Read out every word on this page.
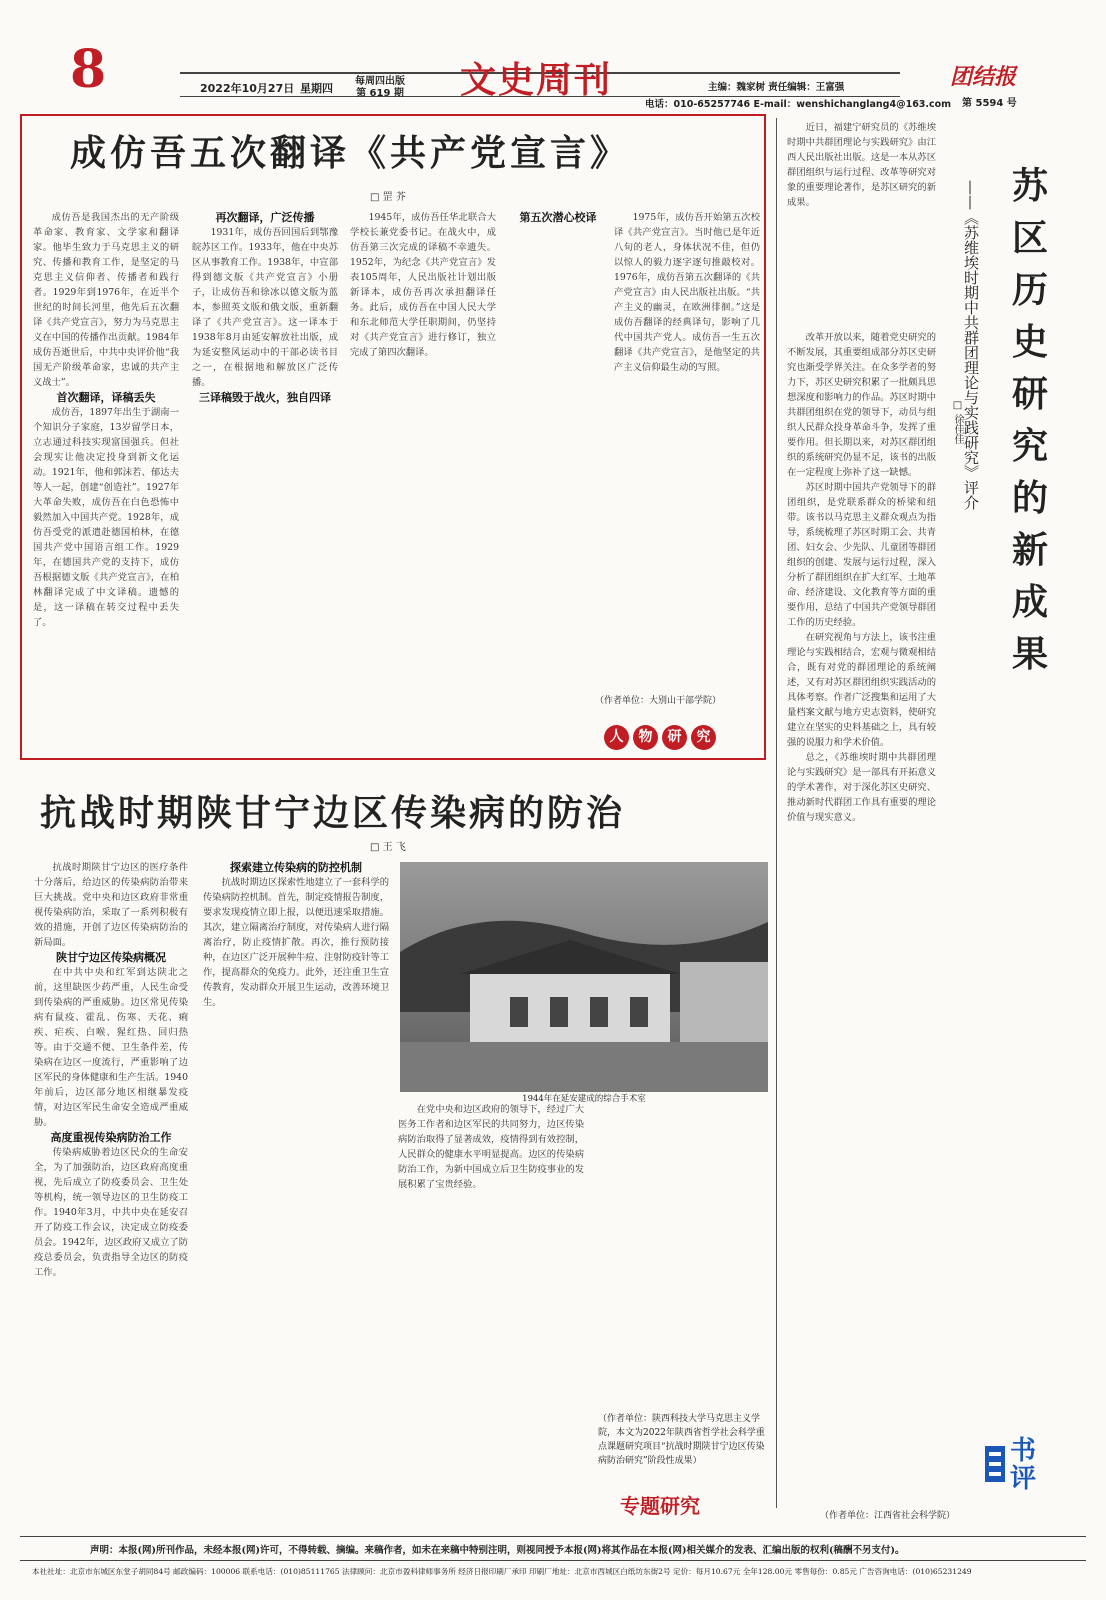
8	2022年10月27日 星期四
每周四出版
第 619 期 文史周刊	主编：魏家树 责任编辑：王富强
电话：010-65257746 E-mail：wenshichanglang4@163.com
团结报
第 5594 号
成仿吾五次翻译《共产党宣言》
□ 罡 芥

成仿吾是我国杰出的无产阶级革命家、教育家、文学家和翻译家。他毕生致力于马克思主义的研究、传播和教育工作，是坚定的马克思主义信仰者、传播者和践行者。1929年到1976年，在近半个世纪的时间长河里，他先后五次翻译《共产党宣言》，努力为马克思主义在中国的传播作出贡献。1984年成仿吾逝世后，中共中央评价他“我国无产阶级革命家，忠诚的共产主义战士”。

首次翻译，译稿丢失

成仿吾，1897年出生于湖南一个知识分子家庭，13岁留学日本，立志通过科技实现富国强兵。但社会现实让他决定投身到新文化运动。1921年，他和郭沫若、郁达夫等人一起，创建“创造社”。1927年大革命失败，成仿吾在白色恐怖中毅然加入中国共产党。1928年，成仿吾受党的派遣赴德国柏林，在德国共产党中国语言组工作。1929年，在德国共产党的支持下，成仿吾根据德文版《共产党宣言》，在柏林翻译完成了中文译稿。遗憾的是，这一译稿在转交过程中丢失了。

再次翻译，广泛传播

1931年，成仿吾回国后到鄂豫皖苏区工作。1933年，他在中央苏区从事教育工作。1938年，中宣部得到德文版《共产党宣言》小册子，让成仿吾和徐冰以德文版为蓝本，参照英文版和俄文版，重新翻译了《共产党宣言》。这一译本于1938年8月由延安解放社出版，成为延安整风运动中的干部必读书目之一，在根据地和解放区广泛传播。

三译稿毁于战火，独自四译

1945年，成仿吾任华北联合大学校长兼党委书记。在战火中，成仿吾第三次完成的译稿不幸遗失。1952年，为纪念《共产党宣言》发表105周年，人民出版社计划出版新译本，成仿吾再次承担翻译任务。此后，成仿吾在中国人民大学和东北师范大学任职期间，仍坚持对《共产党宣言》进行修订，独立完成了第四次翻译。

第五次潜心校译	1975年，成仿吾开始第五次校译《共产党宣言》。当时他已是年近八旬的老人，身体状况不佳，但仍以惊人的毅力逐字逐句推敲校对。1976年，成仿吾第五次翻译的《共产党宣言》由人民出版社出版。“共产主义的幽灵，在欧洲徘徊。”这是成仿吾翻译的经典译句，影响了几代中国共产党人。成仿吾一生五次翻译《共产党宣言》，是他坚定的共产主义信仰最生动的写照。

（作者单位：大别山干部学院）
人 物 研 究
苏区历史研究的新成果
——《苏维埃时期中共群团理论与实践研究》评介
□ 徐佳佳

近日，福建宁研究员的《苏维埃时期中共群团理论与实践研究》由江西人民出版社出版。这是一本从苏区群团组织与运行过程、改革等研究对象的重要理论著作，是苏区研究的新成果。

改革开放以来，随着党史研究的不断发展，其重要组成部分苏区史研究也渐受学界关注。在众多学者的努力下，苏区史研究积累了一批颇具思想深度和影响力的作品。苏区时期中共群团组织在党的领导下，动员与组织人民群众投身革命斗争，发挥了重要作用。但长期以来，对苏区群团组织的系统研究仍显不足，该书的出版在一定程度上弥补了这一缺憾。

苏区时期中国共产党领导下的群团组织，是党联系群众的桥梁和纽带。该书以马克思主义群众观点为指导，系统梳理了苏区时期工会、共青团、妇女会、少先队、儿童团等群团组织的创建、发展与运行过程，深入分析了群团组织在扩大红军、土地革命、经济建设、文化教育等方面的重要作用，总结了中国共产党领导群团工作的历史经验。

在研究视角与方法上，该书注重理论与实践相结合，宏观与微观相结合，既有对党的群团理论的系统阐述，又有对苏区群团组织实践活动的具体考察。作者广泛搜集和运用了大量档案文献与地方史志资料，使研究建立在坚实的史料基础之上，具有较强的说服力和学术价值。

总之，《苏维埃时期中共群团理论与实践研究》是一部具有开拓意义的学术著作，对于深化苏区史研究、推动新时代群团工作具有重要的理论价值与现实意义。

书
评
（作者单位：江西省社会科学院）
抗战时期陕甘宁边区传染病的防治
□ 王 飞

抗战时期陕甘宁边区的医疗条件十分落后，给边区的传染病防治带来巨大挑战。党中央和边区政府非常重视传染病防治，采取了一系列积极有效的措施，开创了边区传染病防治的新局面。

陕甘宁边区传染病概况

在中共中央和红军到达陕北之前，这里缺医少药严重，人民生命受到传染病的严重威胁。边区常见传染病有鼠疫、霍乱、伤寒、天花、痢疾、疟疾、白喉、猩红热、回归热等。由于交通不便、卫生条件差，传染病在边区一度流行，严重影响了边区军民的身体健康和生产生活。1940年前后，边区部分地区相继暴发疫情，对边区军民生命安全造成严重威胁。

高度重视传染病防治工作

传染病威胁着边区民众的生命安全，为了加强防治，边区政府高度重视，先后成立了防疫委员会、卫生处等机构，统一领导边区的卫生防疫工作。1940年3月，中共中央在延安召开了防疫工作会议，决定成立防疫委员会。1942年，边区政府又成立了防疫总委员会，负责指导全边区的防疫工作。

探索建立传染病的防控机制

抗战时期边区探索性地建立了一套科学的传染病防控机制。首先，制定疫情报告制度，要求发现疫情立即上报，以便迅速采取措施。其次，建立隔离治疗制度，对传染病人进行隔离治疗，防止疫情扩散。再次，推行预防接种，在边区广泛开展种牛痘、注射防疫针等工作，提高群众的免疫力。此外，还注重卫生宣传教育，发动群众开展卫生运动，改善环境卫生。

1944年在延安建成的综合手术室

在党中央和边区政府的领导下，经过广大医务工作者和边区军民的共同努力，边区传染病防治取得了显著成效，疫情得到有效控制，人民群众的健康水平明显提高。边区的传染病防治工作，为新中国成立后卫生防疫事业的发展积累了宝贵经验。

（作者单位：陕西科技大学马克思主义学院，本文为2022年陕西省哲学社会科学重点课题研究项目“抗战时期陕甘宁边区传染病防治研究”阶段性成果）
专题研究
声明：本报(网)所刊作品，未经本报(网)许可，不得转载、摘编。来稿作者，如未在来稿中特别注明，则视同授予本报(网)将其作品在本报(网)相关媒介的发表、汇编出版的权利(稿酬不另支付)。
本社社址：北京市东城区东堂子胡同84号 邮政编码：100006 联系电话：(010)85111765 法律顾问：北京市盈科律师事务所 经济日报印刷厂承印 印刷厂地址：北京市西城区白纸坊东街2号 定价：每月10.67元 全年128.00元 零售每份：0.85元 广告咨询电话：(010)65231249
